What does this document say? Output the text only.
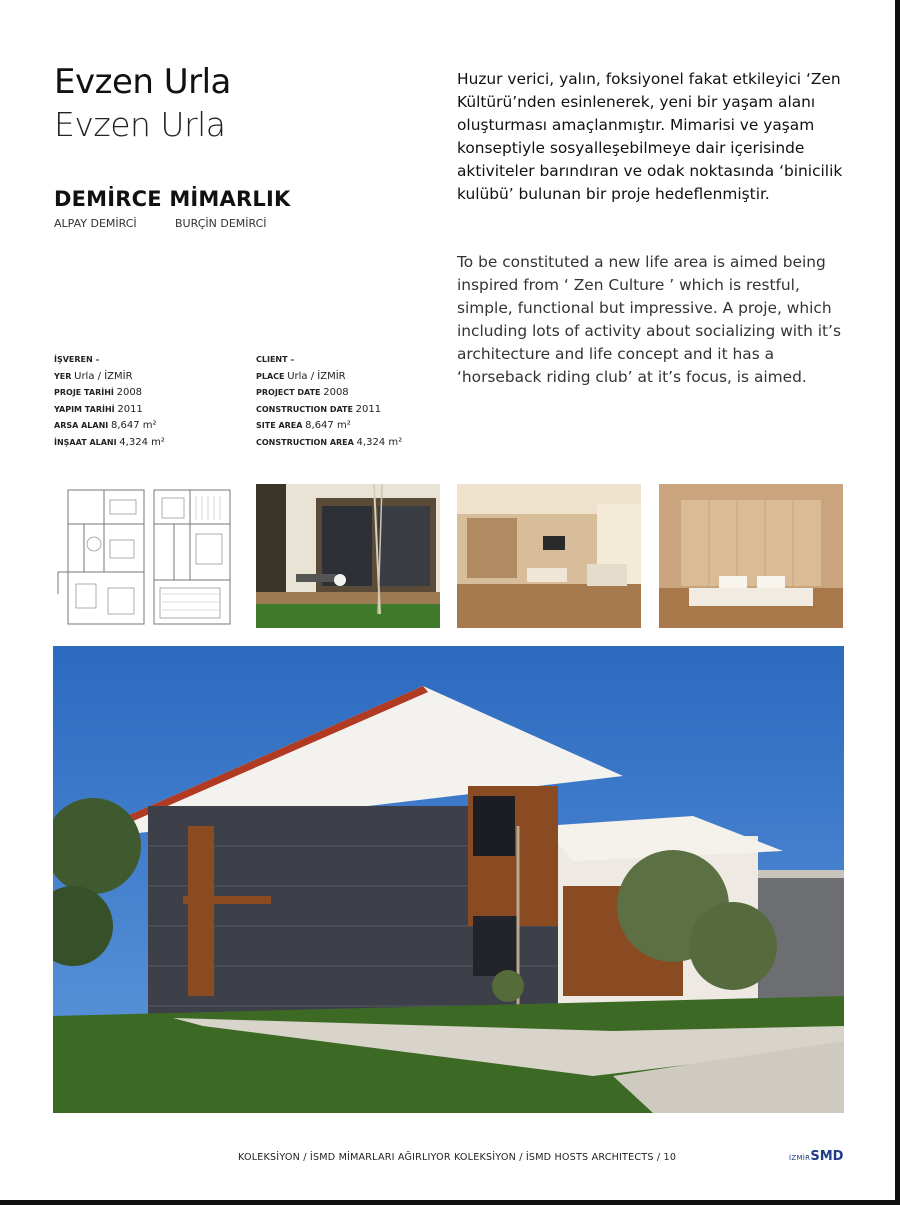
Evzen Urla
Evzen Urla
DEMİRCE MİMARLIK
ALPAY DEMİRCİ	BURÇİN DEMİRCİ
İŞVEREN –
YER Urla / İZMİR
PROJE TARİHİ 2008
YAPIM TARİHİ 2011
ARSA ALANI 8,647 m²
İNŞAAT ALANI 4,324 m²
CLIENT –
PLACE Urla / İZMİR
PROJECT DATE 2008
CONSTRUCTION DATE 2011
SITE AREA 8,647 m²
CONSTRUCTION AREA 4,324 m²
Huzur verici, yalın, foksiyonel fakat etkileyici ‘Zen Kültürü’nden esinlenerek, yeni bir yaşam alanı oluşturması amaçlanmıştır. Mimarisi ve yaşam konseptiyle sosyalleşebilmeye dair içerisinde aktiviteler barındıran ve odak noktasında ‘binicilik kulübü’ bulunan bir proje hedeflenmiştir.
To be constituted a new life area is aimed being inspired from ‘ Zen Culture ’ which is restful, simple, functional but impressive. A proje, which including lots of activity about socializing with it’s architecture and life concept and it has a ‘horseback riding club’ at it’s focus, is aimed.
KOLEKSİYON / İSMD MİMARLARI AĞIRLIYOR KOLEKSİYON / İSMD HOSTS ARCHITECTS / 10	İZMİRSMD
